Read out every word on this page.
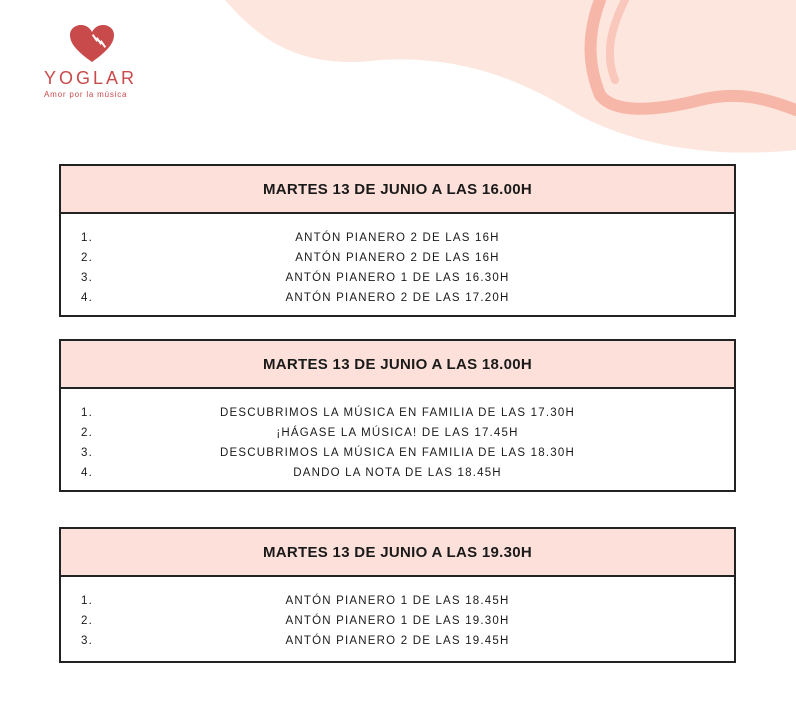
YOGLAR
Amor por la música
MARTES 13 DE JUNIO A LAS 16.00H
1.	ANTÓN PIANERO 2 DE LAS 16H
2.	ANTÓN PIANERO 2 DE LAS 16H
3.	ANTÓN PIANERO 1 DE LAS 16.30H
4.	ANTÓN PIANERO 2 DE LAS 17.20H
MARTES 13 DE JUNIO A LAS 18.00H
1.	DESCUBRIMOS LA MÚSICA EN FAMILIA DE LAS 17.30H
2.	¡HÁGASE LA MÚSICA! DE LAS 17.45H
3.	DESCUBRIMOS LA MÚSICA EN FAMILIA DE LAS 18.30H
4.	DANDO LA NOTA DE LAS 18.45H
MARTES 13 DE JUNIO A LAS 19.30H
1.	ANTÓN PIANERO 1 DE LAS 18.45H
2.	ANTÓN PIANERO 1 DE LAS 19.30H
3.	ANTÓN PIANERO 2 DE LAS 19.45H
